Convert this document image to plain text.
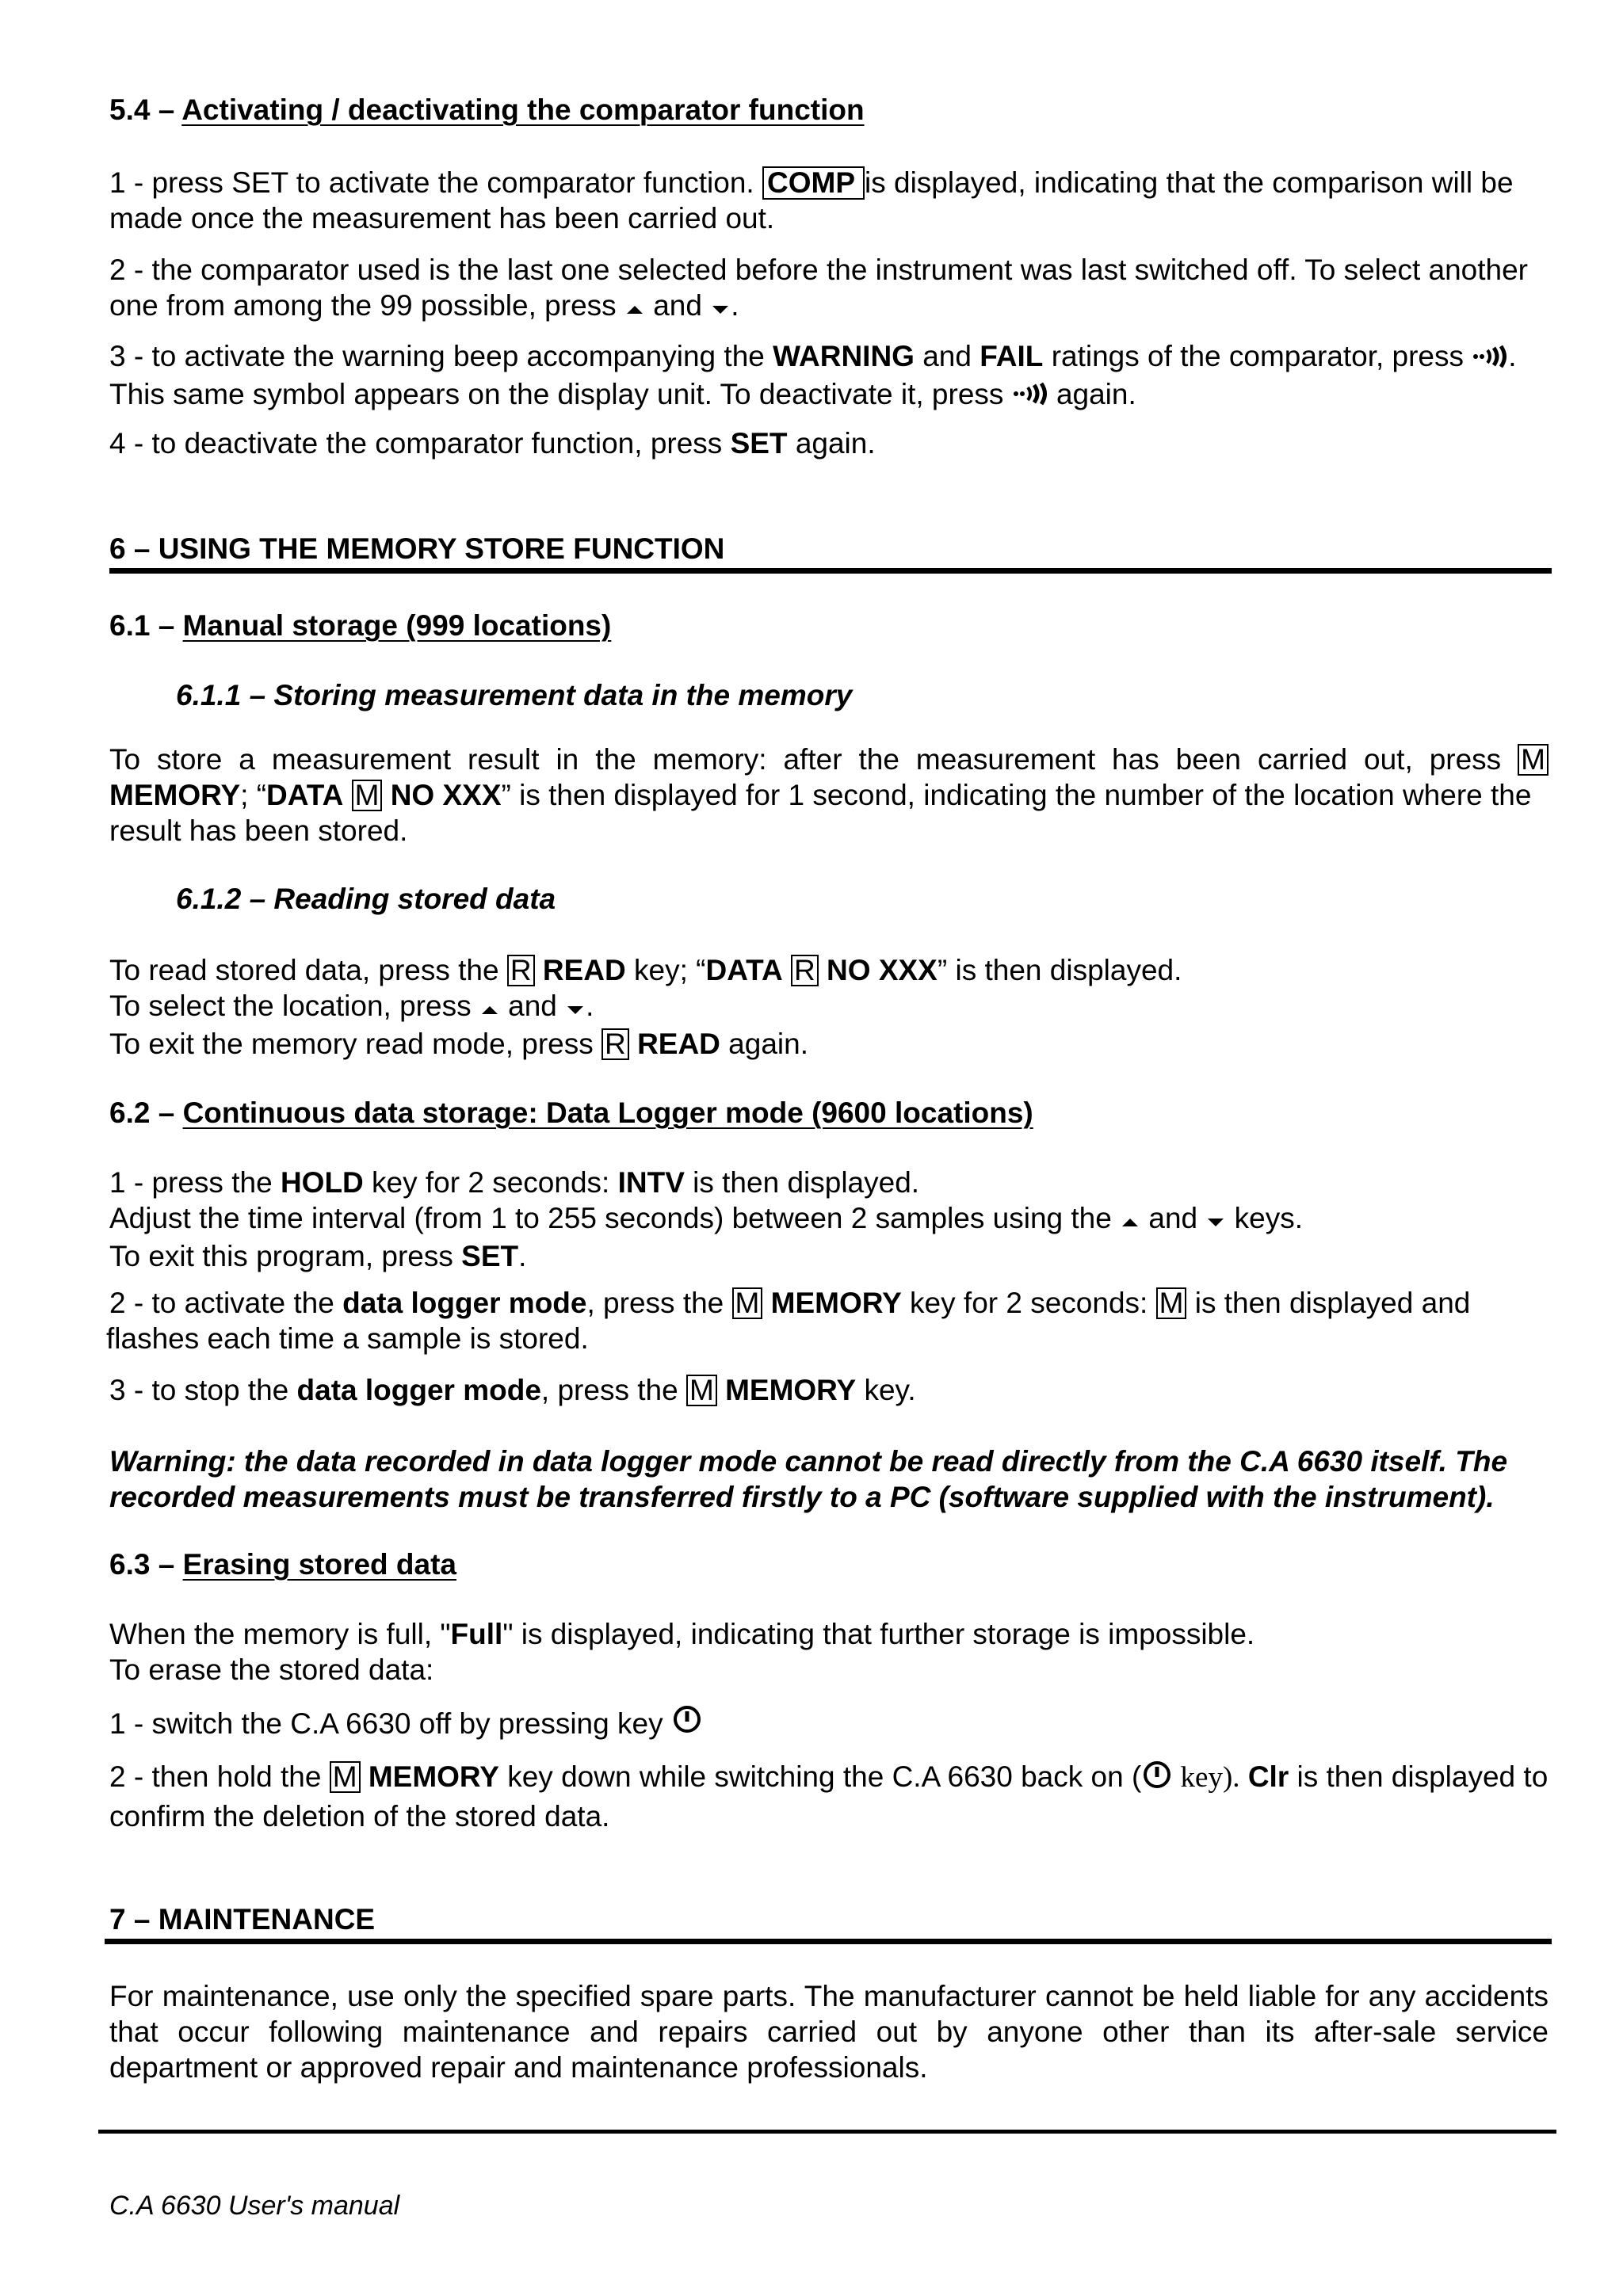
5.4 – Activating / deactivating the comparator function

1 - press SET to activate the comparator function. COMP is displayed, indicating that the comparison will be
made once the measurement has been carried out.

2 - the comparator used is the last one selected before the instrument was last switched off. To select another
one from among the 99 possible, press  and .

3 - to activate the warning beep accompanying the WARNING and FAIL ratings of the comparator, press .
This same symbol appears on the display unit. To deactivate it, press  again.

4 - to deactivate the comparator function, press SET again.

6 – USING THE MEMORY STORE FUNCTION

6.1 – Manual storage (999 locations)

6.1.1 – Storing measurement data in the memory

To store a measurement result in the memory: after the measurement has been carried out, press M
MEMORY; “DATA M NO XXX” is then displayed for 1 second, indicating the number of the location where the
result has been stored.

6.1.2 – Reading stored data

To read stored data, press the R READ key; “DATA R NO XXX” is then displayed.
To select the location, press  and .
To exit the memory read mode, press R READ again.

6.2 – Continuous data storage: Data Logger mode (9600 locations)

1 - press the HOLD key for 2 seconds: INTV is then displayed.
Adjust the time interval (from 1 to 255 seconds) between 2 samples using the  and  keys.
To exit this program, press SET.
2 - to activate the data logger mode, press the M MEMORY key for 2 seconds: M is then displayed and
flashes each time a sample is stored.

3 - to stop the data logger mode, press the M MEMORY key.

Warning: the data recorded in data logger mode cannot be read directly from the C.A 6630 itself. The
recorded measurements must be transferred firstly to a PC (software supplied with the instrument).

6.3 – Erasing stored data

When the memory is full, "Full" is displayed, indicating that further storage is impossible.
To erase the stored data:

1 - switch the C.A 6630 off by pressing key

2 - then hold the M MEMORY key down while switching the C.A 6630 back on ( key). Clr is then displayed to
confirm the deletion of the stored data.

7 – MAINTENANCE

For maintenance, use only the specified spare parts. The manufacturer cannot be held liable for any accidents
that occur following maintenance and repairs carried out by anyone other than its after-sale service
department or approved repair and maintenance professionals.
C.A 6630 User's manual
